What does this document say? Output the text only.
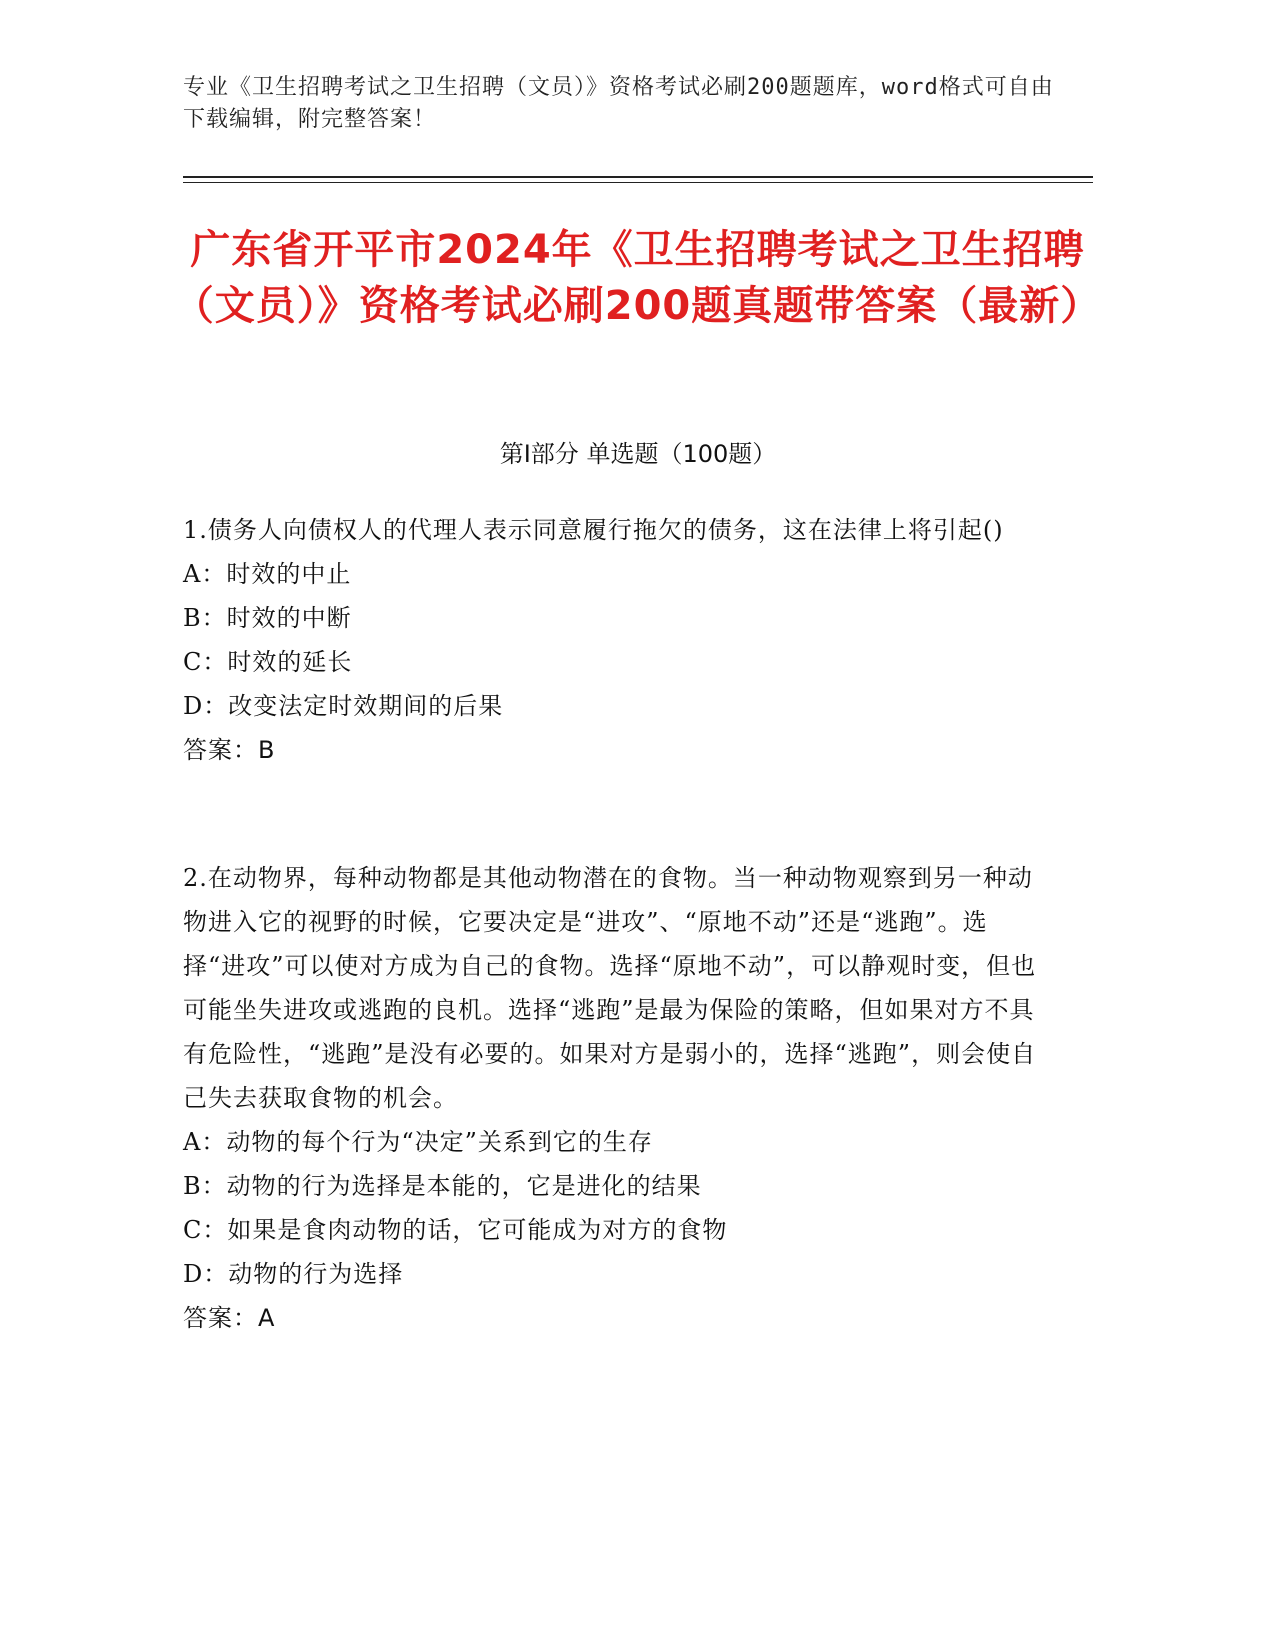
专业《卫生招聘考试之卫生招聘（文员）》资格考试必刷200题题库，word格式可自由下载编辑，附完整答案！
广东省开平市2024年《卫生招聘考试之卫生招聘（文员）》资格考试必刷200题真题带答案（最新）
第Ⅰ部分 单选题（100题）

1.债务人向债权人的代理人表示同意履行拖欠的债务，这在法律上将引起()

A：时效的中止

B：时效的中断

C：时效的延长

D：改变法定时效期间的后果

答案：B

2.在动物界，每种动物都是其他动物潜在的食物。当一种动物观察到另一种动物进入它的视野的时候，它要决定是“进攻”、“原地不动”还是“逃跑”。选择“进攻”可以使对方成为自己的食物。选择“原地不动”，可以静观时变，但也可能坐失进攻或逃跑的良机。选择“逃跑”是最为保险的策略，但如果对方不具有危险性，“逃跑”是没有必要的。如果对方是弱小的，选择“逃跑”，则会使自己失去获取食物的机会。

A：动物的每个行为“决定”关系到它的生存

B：动物的行为选择是本能的，它是进化的结果

C：如果是食肉动物的话，它可能成为对方的食物

D：动物的行为选择

答案：A
